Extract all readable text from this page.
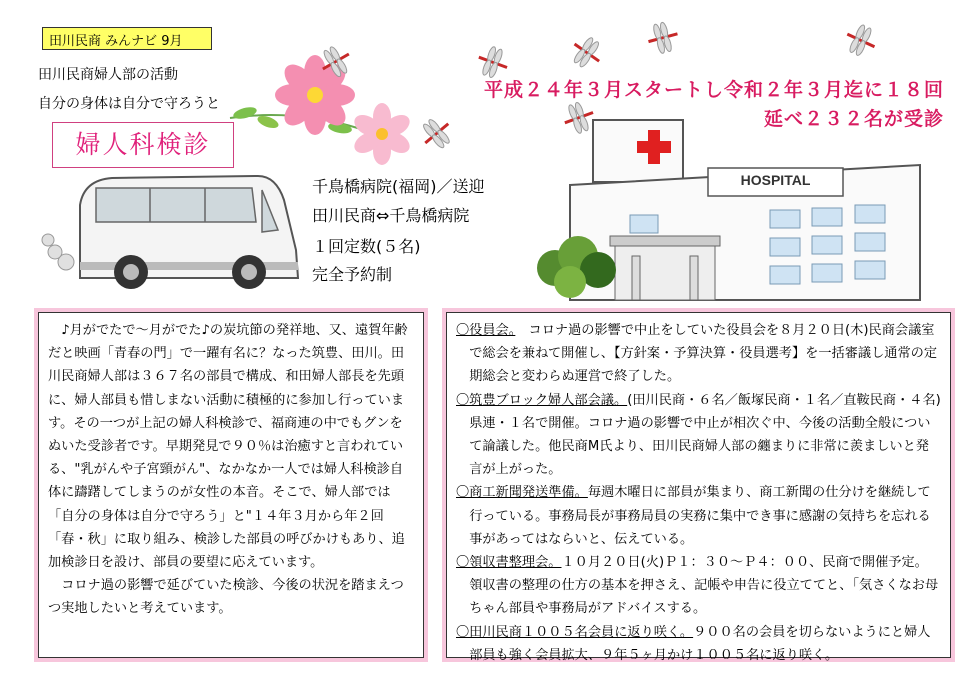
田川民商 みんナビ 9月
田川民商婦人部の活動
自分の身体は自分で守ろうと
婦人科検診
平成２４年３月スタートし令和２年３月迄に１８回
延べ２３２名が受診
千鳥橋病院(福岡)／送迎
田川民商⇔千鳥橋病院
１回定数(５名)
完全予約制
HOSPITAL

♪月がでたで～月がでた♪の炭坑節の発祥地、又、遠賀年齢だと映画「青春の門」で一躍有名に？なった筑豊、田川。田川民商婦人部は３６７名の部員で構成、和田婦人部長を先頭に、婦人部員も惜しまない活動に積極的に参加し行っています。その一つが上記の婦人科検診で、福商連の中でもグンをぬいた受診者です。早期発見で９０％は治癒すと言われている、"乳がんや子宮頸がん"、なかなか一人では婦人科検診自体に躊躇してしまうのが女性の本音。そこで、婦人部では「自分の身体は自分で守ろう」と"１４年３月から年２回「春・秋」に取り組み、検診した部員の呼びかけもあり、追加検診日を設け、部員の要望に応えています。

コロナ過の影響で延びていた検診、今後の状況を踏まえつつ実地したいと考えています。

〇役員会。　コロナ過の影響で中止をしていた役員会を８月２０日(木)民商会議室で総会を兼ねて開催し、【方針案・予算決算・役員選考】を一括審議し通常の定期総会と変わらぬ運営で終了した。
〇筑豊ブロック婦人部会議。(田川民商・６名／飯塚民商・１名／直鞍民商・４名) 県連・１名で開催。コロナ過の影響で中止が相次ぐ中、今後の活動全般について論議した。他民商M氏より、田川民商婦人部の纏まりに非常に羨ましいと発言が上がった。
〇商工新聞発送準備。毎週木曜日に部員が集まり、商工新聞の仕分けを継続して行っている。事務局長が事務局員の実務に集中でき事に感謝の気持ちを忘れる事があってはならいと、伝えている。
〇領収書整理会。１０月２０日(火)Ｐ１：３０～Ｐ４：００、民商で開催予定。領収書の整理の仕方の基本を押さえ、記帳や申告に役立ててと、「気さくなお母ちゃん部員や事務局がアドバイスする。
〇田川民商１００５名会員に返り咲く。９００名の会員を切らないようにと婦人部員も強く会員拡大、９年５ヶ月かけ１００５名に返り咲く。
